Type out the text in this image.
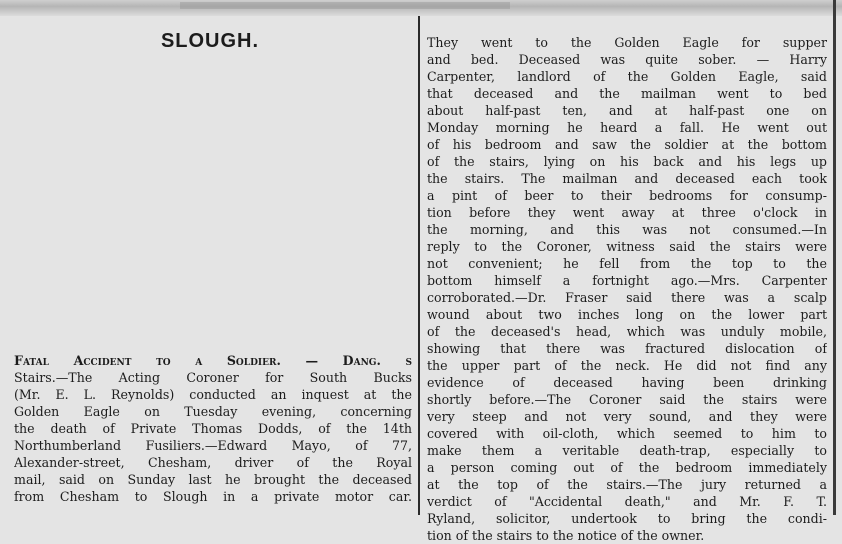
SLOUGH.
Fatal Accident to a Soldier. — Dang. s
Stairs.—The Acting Coroner for South Bucks
(Mr. E. L. Reynolds) conducted an inquest at the
Golden Eagle on Tuesday evening, concerning
the death of Private Thomas Dodds, of the 14th
Northumberland Fusiliers.—Edward Mayo, of 77,
Alexander-street, Chesham, driver of the Royal
mail, said on Sunday last he brought the deceased
from Chesham to Slough in a private motor car.
They went to the Golden Eagle for supper
and bed. Deceased was quite sober. — Harry
Carpenter, landlord of the Golden Eagle, said
that deceased and the mailman went to bed
about half-past ten, and at half-past one on
Monday morning he heard a fall. He went out
of his bedroom and saw the soldier at the bottom
of the stairs, lying on his back and his legs up
the stairs. The mailman and deceased each took
a pint of beer to their bedrooms for consump-
tion before they went away at three o'clock in
the morning, and this was not consumed.—In
reply to the Coroner, witness said the stairs were
not convenient; he fell from the top to the
bottom himself a fortnight ago.—Mrs. Carpenter
corroborated.—Dr. Fraser said there was a scalp
wound about two inches long on the lower part
of the deceased's head, which was unduly mobile,
showing that there was fractured dislocation of
the upper part of the neck. He did not find any
evidence of deceased having been drinking
shortly before.—The Coroner said the stairs were
very steep and not very sound, and they were
covered with oil-cloth, which seemed to him to
make them a veritable death-trap, especially to
a person coming out of the bedroom immediately
at the top of the stairs.—The jury returned a
verdict of "Accidental death," and Mr. F. T.
Ryland, solicitor, undertook to bring the condi-
tion of the stairs to the notice of the owner.
